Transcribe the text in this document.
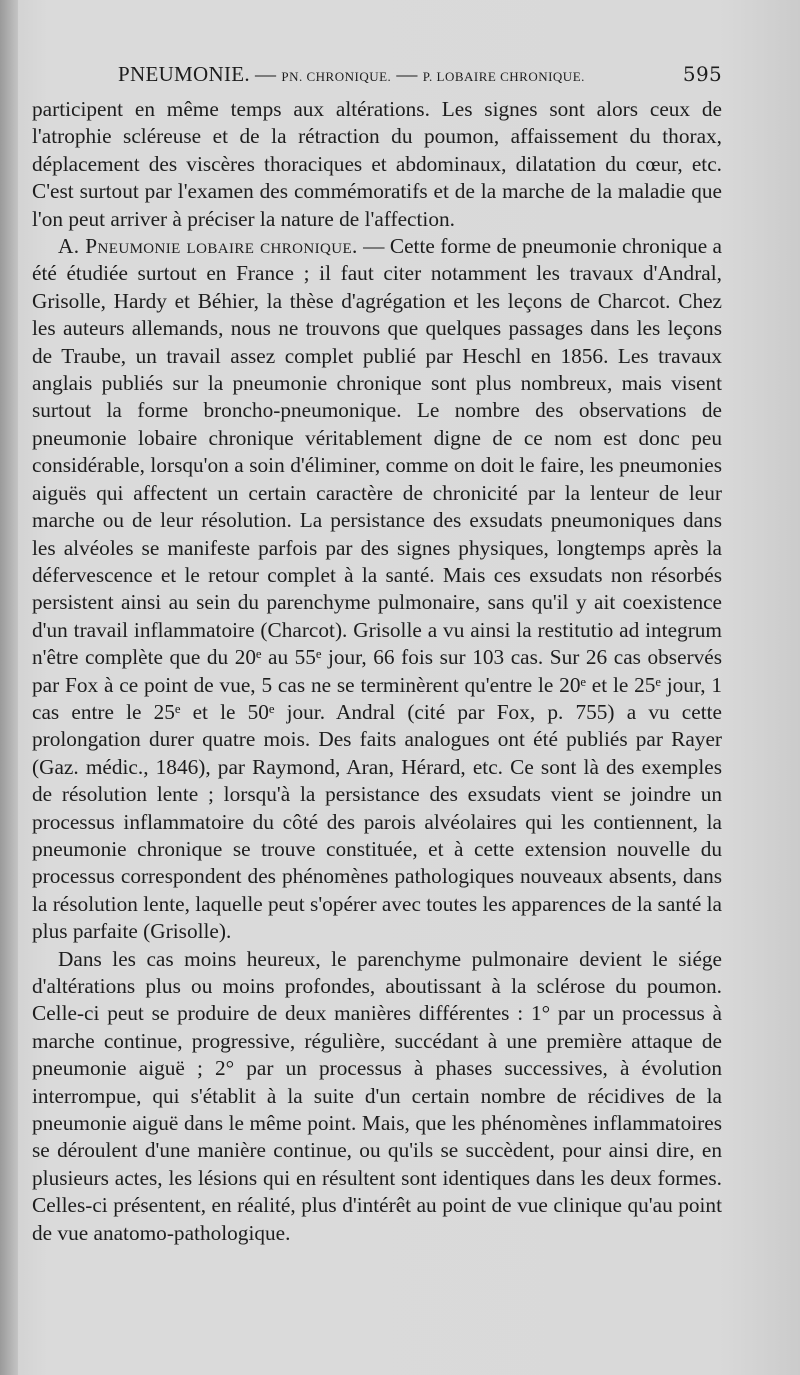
PNEUMONIE. — PN. CHRONIQUE. — P. LOBAIRE CHRONIQUE.	595

participent en même temps aux altérations. Les signes sont alors ceux de l'atrophie scléreuse et de la rétraction du poumon, affaissement du thorax, déplacement des viscères thoraciques et abdominaux, dilatation du cœur, etc. C'est surtout par l'examen des commémoratifs et de la marche de la maladie que l'on peut arriver à préciser la nature de l'affection.

A. Pneumonie lobaire chronique. — Cette forme de pneumonie chronique a été étudiée surtout en France ; il faut citer notamment les travaux d'Andral, Grisolle, Hardy et Béhier, la thèse d'agrégation et les leçons de Charcot. Chez les auteurs allemands, nous ne trouvons que quelques passages dans les leçons de Traube, un travail assez complet publié par Heschl en 1856. Les travaux anglais publiés sur la pneumonie chronique sont plus nombreux, mais visent surtout la forme broncho-pneumonique. Le nombre des observations de pneumonie lobaire chronique véritablement digne de ce nom est donc peu considérable, lorsqu'on a soin d'éliminer, comme on doit le faire, les pneumonies aiguës qui affectent un certain caractère de chronicité par la lenteur de leur marche ou de leur résolution. La persistance des exsudats pneumoniques dans les alvéoles se manifeste parfois par des signes physiques, longtemps après la défervescence et le retour complet à la santé. Mais ces exsudats non résorbés persistent ainsi au sein du parenchyme pulmonaire, sans qu'il y ait coexistence d'un travail inflammatoire (Charcot). Grisolle a vu ainsi la restitutio ad integrum n'être complète que du 20ᵉ au 55ᵉ jour, 66 fois sur 103 cas. Sur 26 cas observés par Fox à ce point de vue, 5 cas ne se terminèrent qu'entre le 20ᵉ et le 25ᵉ jour, 1 cas entre le 25ᵉ et le 50ᵉ jour. Andral (cité par Fox, p. 755) a vu cette prolongation durer quatre mois. Des faits analogues ont été publiés par Rayer (Gaz. médic., 1846), par Raymond, Aran, Hérard, etc. Ce sont là des exemples de résolution lente ; lorsqu'à la persistance des exsudats vient se joindre un processus inflammatoire du côté des parois alvéolaires qui les contiennent, la pneumonie chronique se trouve constituée, et à cette extension nouvelle du processus correspondent des phénomènes pathologiques nouveaux absents, dans la résolution lente, laquelle peut s'opérer avec toutes les apparences de la santé la plus parfaite (Grisolle).

Dans les cas moins heureux, le parenchyme pulmonaire devient le siége d'altérations plus ou moins profondes, aboutissant à la sclérose du poumon. Celle-ci peut se produire de deux manières différentes : 1° par un processus à marche continue, progressive, régulière, succédant à une première attaque de pneumonie aiguë ; 2° par un processus à phases successives, à évolution interrompue, qui s'établit à la suite d'un certain nombre de récidives de la pneumonie aiguë dans le même point. Mais, que les phénomènes inflammatoires se déroulent d'une manière continue, ou qu'ils se succèdent, pour ainsi dire, en plusieurs actes, les lésions qui en résultent sont identiques dans les deux formes. Celles-ci présentent, en réalité, plus d'intérêt au point de vue clinique qu'au point de vue anatomo-pathologique.
